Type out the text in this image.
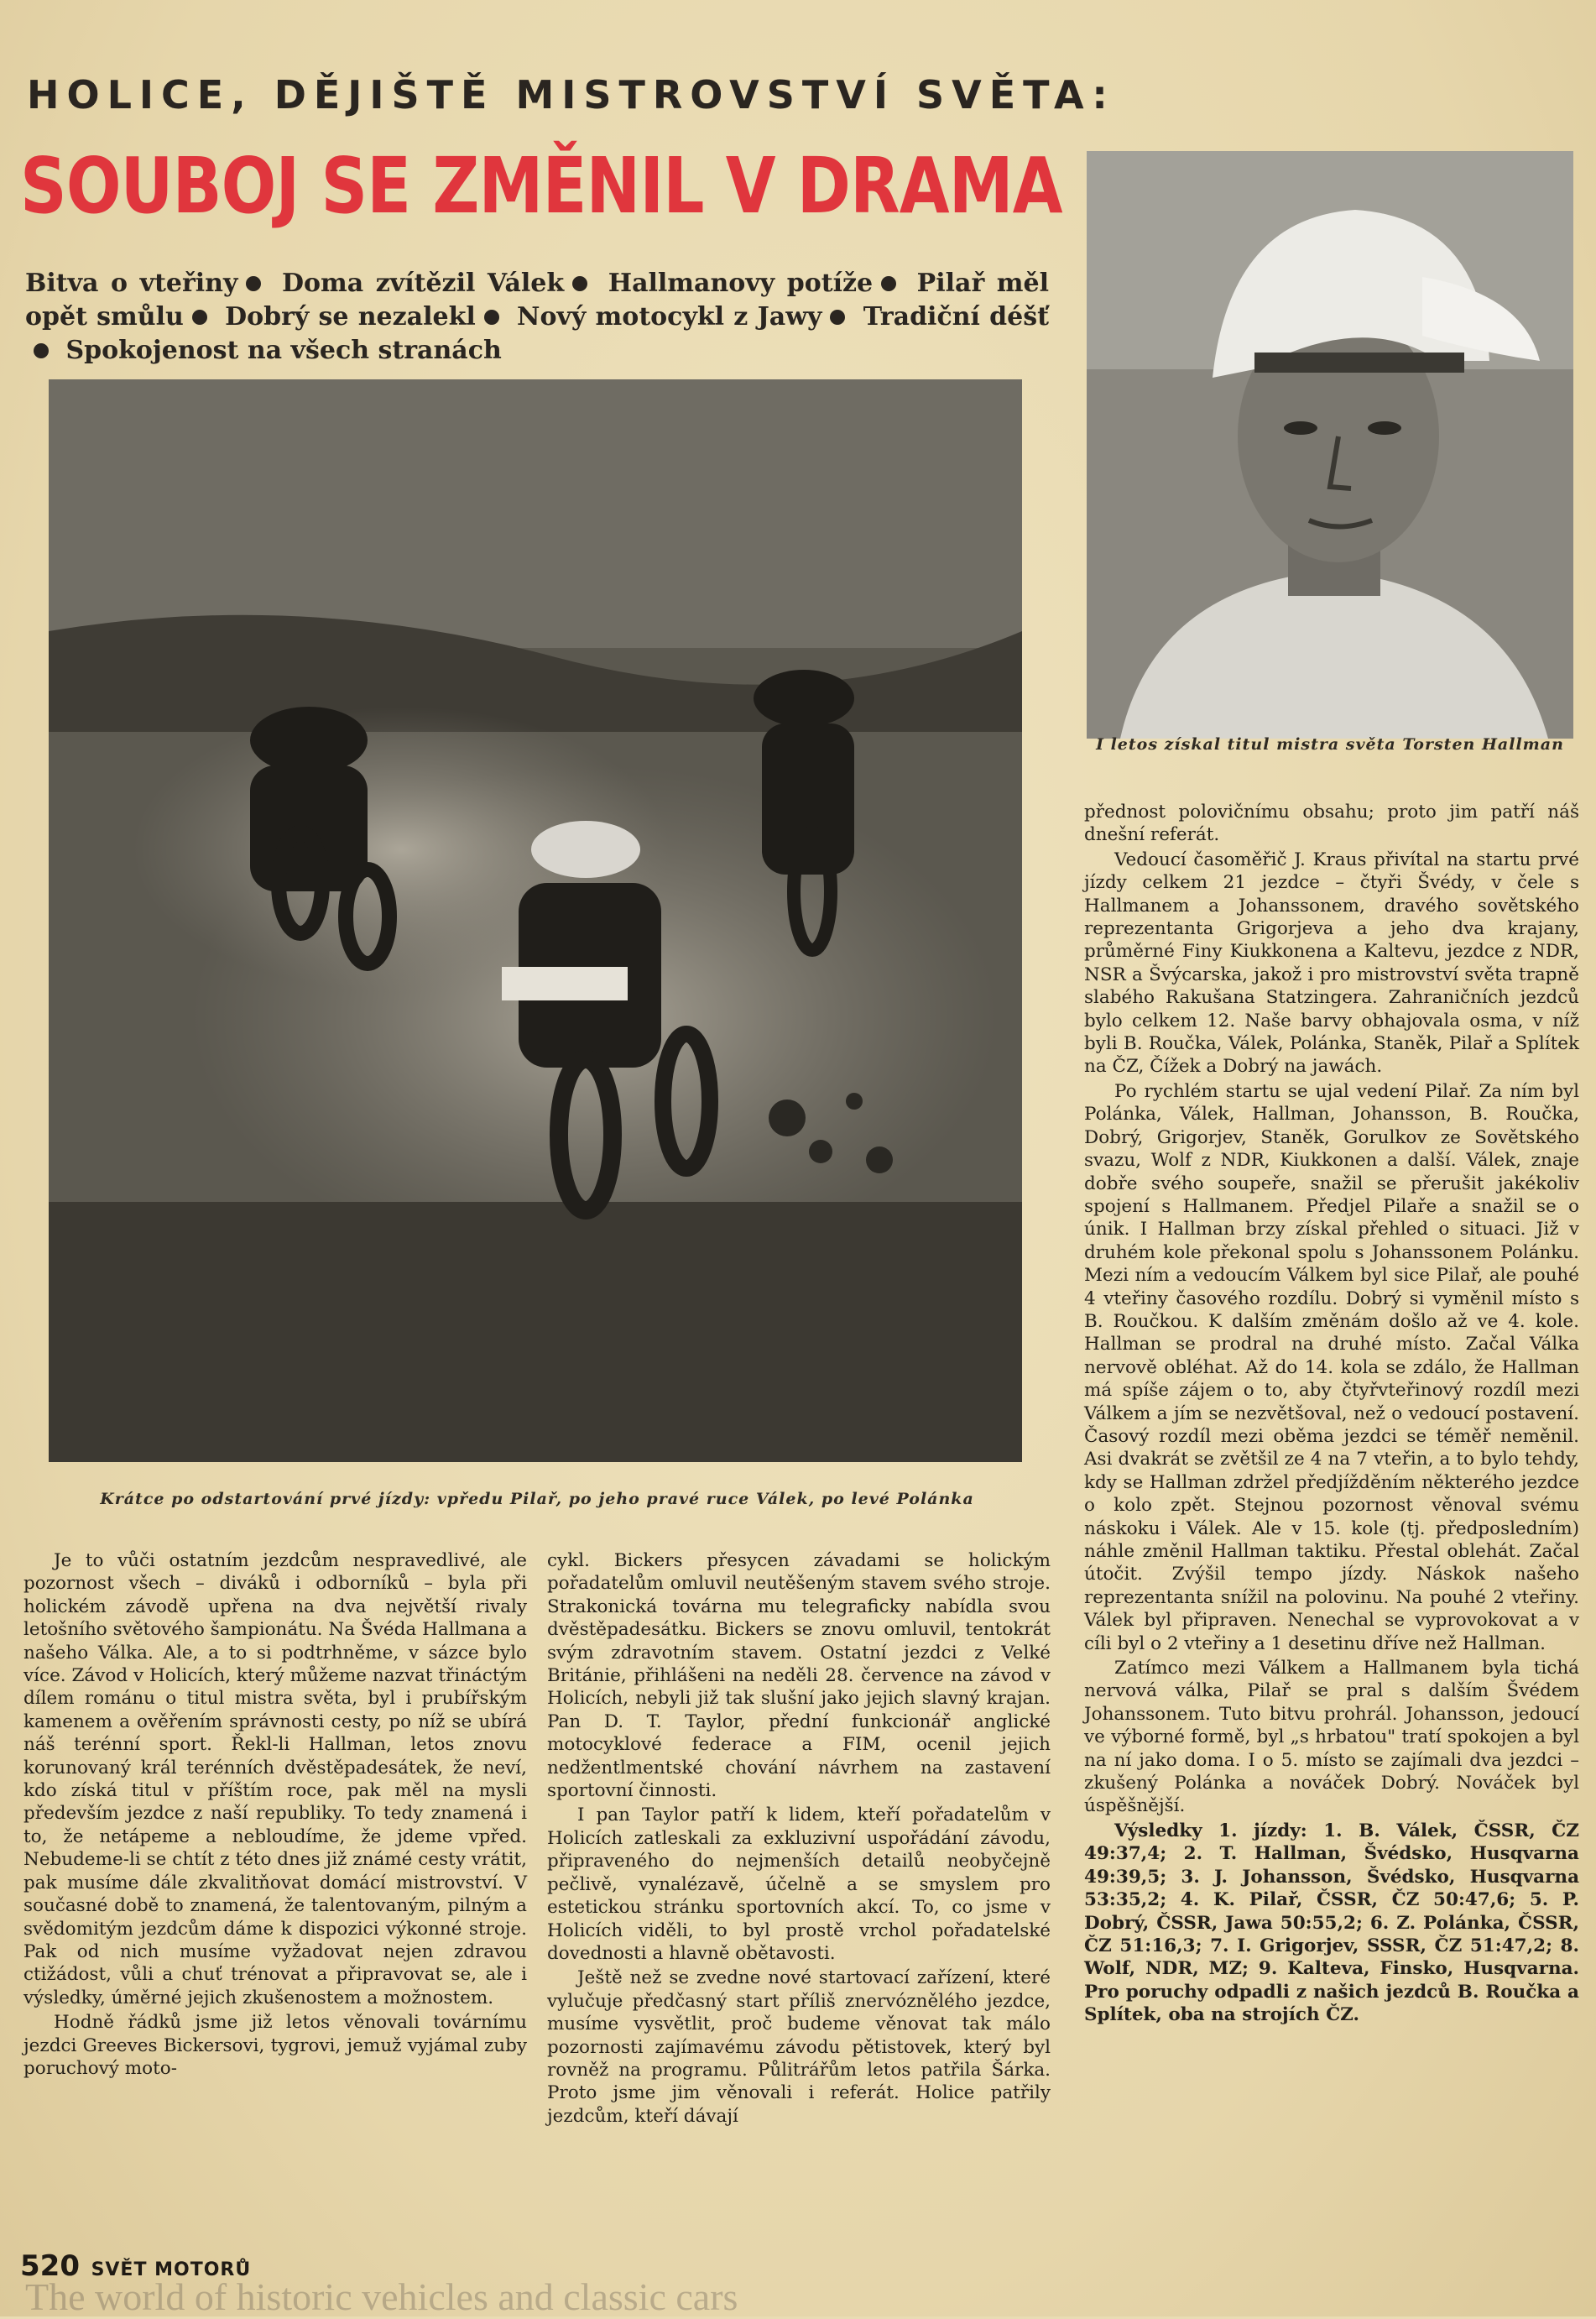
HOLICE, DĚJIŠTĚ MISTROVSTVÍ SVĚTA:
SOUBOJ SE ZMĚNIL V DRAMA
Bitva o vteřiny Doma zvítězil Válek Hallmanovy potíže Pilař měl opět smůlu Dobrý se nezalekl Nový motocykl z Jawy Tradiční déšť Spokojenost na všech stranách
Krátce po odstartování prvé jízdy: vpředu Pilař, po jeho pravé ruce Válek, po levé Polánka
I letos získal titul mistra světa Torsten Hallman

Je to vůči ostatním jezdcům nespravedlivé, ale pozornost všech – diváků i odborníků – byla při holickém závodě upřena na dva největší rivaly letošního světového šampionátu. Na Švéda Hallmana a našeho Válka. Ale, a to si podtrhněme, v sázce bylo více. Závod v Holicích, který můžeme nazvat třináctým dílem románu o titul mistra světa, byl i prubířským kamenem a ověřením správnosti cesty, po níž se ubírá náš terénní sport. Řekl-li Hallman, letos znovu korunovaný král terénních dvěstěpadesátek, že neví, kdo získá titul v příštím roce, pak měl na mysli především jezdce z naší republiky. To tedy znamená i to, že netápeme a nebloudíme, že jdeme vpřed. Nebudeme-li se chtít z této dnes již známé cesty vrátit, pak musíme dále zkvalitňovat domácí mistrovství. V současné době to znamená, že talentovaným, pilným a svědomitým jezdcům dáme k dispozici výkonné stroje. Pak od nich musíme vyžadovat nejen zdravou ctižádost, vůli a chuť trénovat a připravovat se, ale i výsledky, úměrné jejich zkušenostem a možnostem.

Hodně řádků jsme již letos věnovali továrnímu jezdci Greeves Bickersovi, tygrovi, jemuž vyjámal zuby poruchový moto-

cykl. Bickers přesycen závadami se holickým pořadatelům omluvil neutěšeným stavem svého stroje. Strakonická továrna mu telegraficky nabídla svou dvěstěpadesátku. Bickers se znovu omluvil, tentokrát svým zdravotním stavem. Ostatní jezdci z Velké Británie, přihlášeni na neděli 28. července na závod v Holicích, nebyli již tak slušní jako jejich slavný krajan. Pan D. T. Taylor, přední funkcionář anglické motocyklové federace a FIM, ocenil jejich nedžentlmentské chování návrhem na zastavení sportovní činnosti.

I pan Taylor patří k lidem, kteří pořadatelům v Holicích zatleskali za exkluzivní uspořádání závodu, připraveného do nejmenších detailů neobyčejně pečlivě, vynalézavě, účelně a se smyslem pro estetickou stránku sportovních akcí. To, co jsme v Holicích viděli, to byl prostě vrchol pořadatelské dovednosti a hlavně obětavosti.

Ještě než se zvedne nové startovací zařízení, které vylučuje předčasný start příliš znervóznělého jezdce, musíme vysvětlit, proč budeme věnovat tak málo pozornosti zajímavému závodu pětistovek, který byl rovněž na programu. Půlitrářům letos patřila Šárka. Proto jsme jim věnovali i referát. Holice patřily jezdcům, kteří dávají

přednost polovičnímu obsahu; proto jim patří náš dnešní referát.

Vedoucí časoměřič J. Kraus přivítal na startu prvé jízdy celkem 21 jezdce – čtyři Švédy, v čele s Hallmanem a Johanssonem, dravého sovětského reprezentanta Grigorjeva a jeho dva krajany, průměrné Finy Kiukkonena a Kaltevu, jezdce z NDR, NSR a Švýcarska, jakož i pro mistrovství světa trapně slabého Rakušana Statzingera. Zahraničních jezdců bylo celkem 12. Naše barvy obhajovala osma, v níž byli B. Roučka, Válek, Polánka, Staněk, Pilař a Splítek na ČZ, Čížek a Dobrý na jawách.

Po rychlém startu se ujal vedení Pilař. Za ním byl Polánka, Válek, Hallman, Johansson, B. Roučka, Dobrý, Grigorjev, Staněk, Gorulkov ze Sovětského svazu, Wolf z NDR, Kiukkonen a další. Válek, znaje dobře svého soupeře, snažil se přerušit jakékoliv spojení s Hallmanem. Předjel Pilaře a snažil se o únik. I Hallman brzy získal přehled o situaci. Již v druhém kole překonal spolu s Johanssonem Polánku. Mezi ním a vedoucím Válkem byl sice Pilař, ale pouhé 4 vteřiny časového rozdílu. Dobrý si vyměnil místo s B. Roučkou. K dalším změnám došlo až ve 4. kole. Hallman se prodral na druhé místo. Začal Válka nervově obléhat. Až do 14. kola se zdálo, že Hallman má spíše zájem o to, aby čtyřvteřinový rozdíl mezi Válkem a jím se nezvětšoval, než o vedoucí postavení. Časový rozdíl mezi oběma jezdci se téměř neměnil. Asi dvakrát se zvětšil ze 4 na 7 vteřin, a to bylo tehdy, kdy se Hallman zdržel předjížděním některého jezdce o kolo zpět. Stejnou pozornost věnoval svému náskoku i Válek. Ale v 15. kole (tj. předposledním) náhle změnil Hallman taktiku. Přestal oblehát. Začal útočit. Zvýšil tempo jízdy. Náskok našeho reprezentanta snížil na polovinu. Na pouhé 2 vteřiny. Válek byl připraven. Nenechal se vyprovokovat a v cíli byl o 2 vteřiny a 1 desetinu dříve než Hallman.

Zatímco mezi Válkem a Hallmanem byla tichá nervová válka, Pilař se pral s dalším Švédem Johanssonem. Tuto bitvu prohrál. Johansson, jedoucí ve výborné formě, byl „s hrbatou" tratí spokojen a byl na ní jako doma. I o 5. místo se zajímali dva jezdci – zkušený Polánka a nováček Dobrý. Nováček byl úspěšnější.

Výsledky 1. jízdy: 1. B. Válek, ČSSR, ČZ 49:37,4; 2. T. Hallman, Švédsko, Husqvarna 49:39,5; 3. J. Johansson, Švédsko, Husqvarna 53:35,2; 4. K. Pilař, ČSSR, ČZ 50:47,6; 5. P. Dobrý, ČSSR, Jawa 50:55,2; 6. Z. Polánka, ČSSR, ČZ 51:16,3; 7. I. Grigorjev, SSSR, ČZ 51:47,2; 8. Wolf, NDR, MZ; 9. Kalteva, Finsko, Husqvarna. Pro poruchy odpadli z našich jezdců B. Roučka a Splítek, oba na strojích ČZ.

The world of historic vehicles and classic cars
520 SVĚT MOTORŮ
